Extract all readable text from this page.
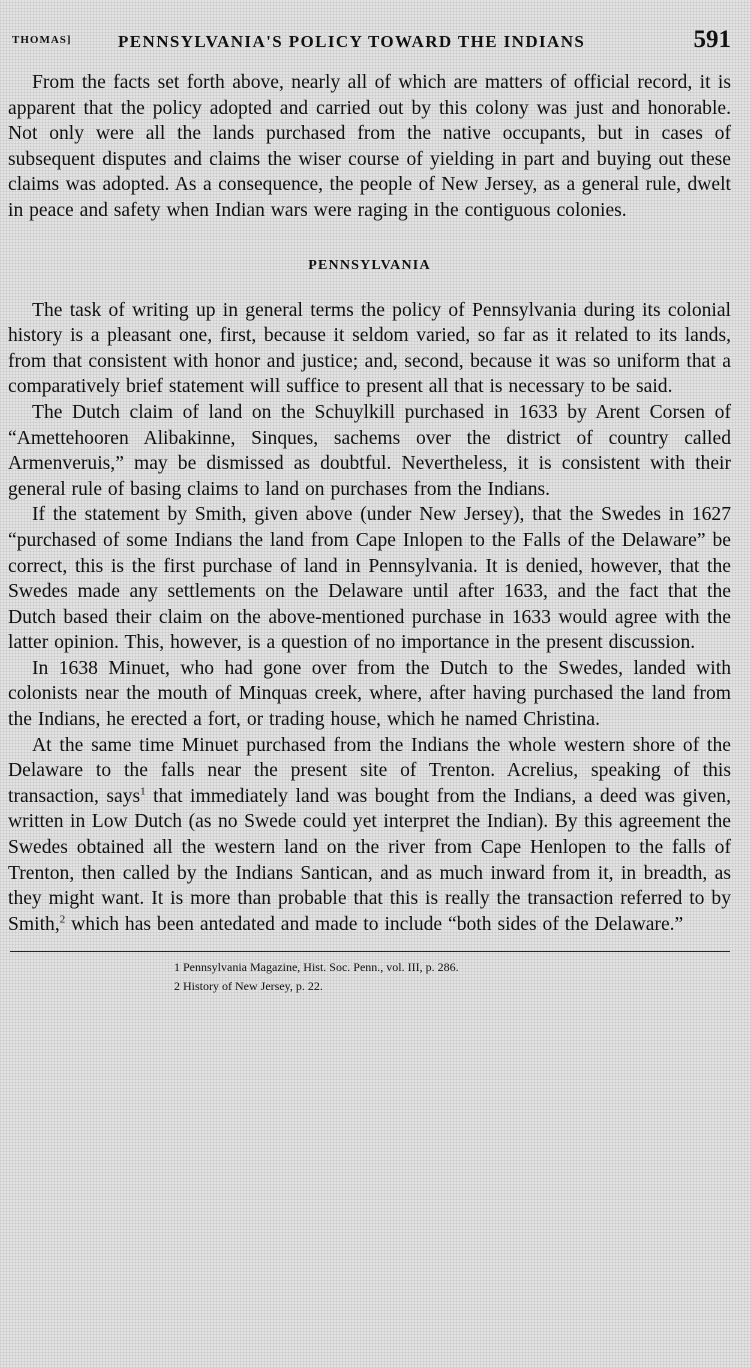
THOMAS]	PENNSYLVANIA'S POLICY TOWARD THE INDIANS	591

From the facts set forth above, nearly all of which are matters of official record, it is apparent that the policy adopted and carried out by this colony was just and honorable. Not only were all the lands purchased from the native occupants, but in cases of subsequent disputes and claims the wiser course of yielding in part and buying out these claims was adopted. As a consequence, the people of New Jersey, as a general rule, dwelt in peace and safety when Indian wars were raging in the contiguous colonies.

PENNSYLVANIA

The task of writing up in general terms the policy of Pennsylvania during its colonial history is a pleasant one, first, because it seldom varied, so far as it related to its lands, from that consistent with honor and justice; and, second, because it was so uniform that a comparatively brief statement will suffice to present all that is necessary to be said.

The Dutch claim of land on the Schuylkill purchased in 1633 by Arent Corsen of “Amettehooren Alibakinne, Sinques, sachems over the district of country called Armenveruis,” may be dismissed as doubtful. Nevertheless, it is consistent with their general rule of basing claims to land on purchases from the Indians.

If the statement by Smith, given above (under New Jersey), that the Swedes in 1627 “purchased of some Indians the land from Cape Inlopen to the Falls of the Delaware” be correct, this is the first purchase of land in Pennsylvania. It is denied, however, that the Swedes made any settlements on the Delaware until after 1633, and the fact that the Dutch based their claim on the above-mentioned purchase in 1633 would agree with the latter opinion. This, however, is a question of no importance in the present discussion.

In 1638 Minuet, who had gone over from the Dutch to the Swedes, landed with colonists near the mouth of Minquas creek, where, after having purchased the land from the Indians, he erected a fort, or trading house, which he named Christina.

At the same time Minuet purchased from the Indians the whole western shore of the Delaware to the falls near the present site of Trenton. Acrelius, speaking of this transaction, says$^1$ that immediately land was bought from the Indians, a deed was given, written in Low Dutch (as no Swede could yet interpret the Indian). By this agreement the Swedes obtained all the western land on the river from Cape Henlopen to the falls of Trenton, then called by the Indians Santican, and as much inward from it, in breadth, as they might want. It is more than probable that this is really the transaction referred to by Smith,$^2$ which has been antedated and made to include “both sides of the Delaware.”

1 Pennsylvania Magazine, Hist. Soc. Penn., vol. III, p. 286.
2 History of New Jersey, p. 22.
